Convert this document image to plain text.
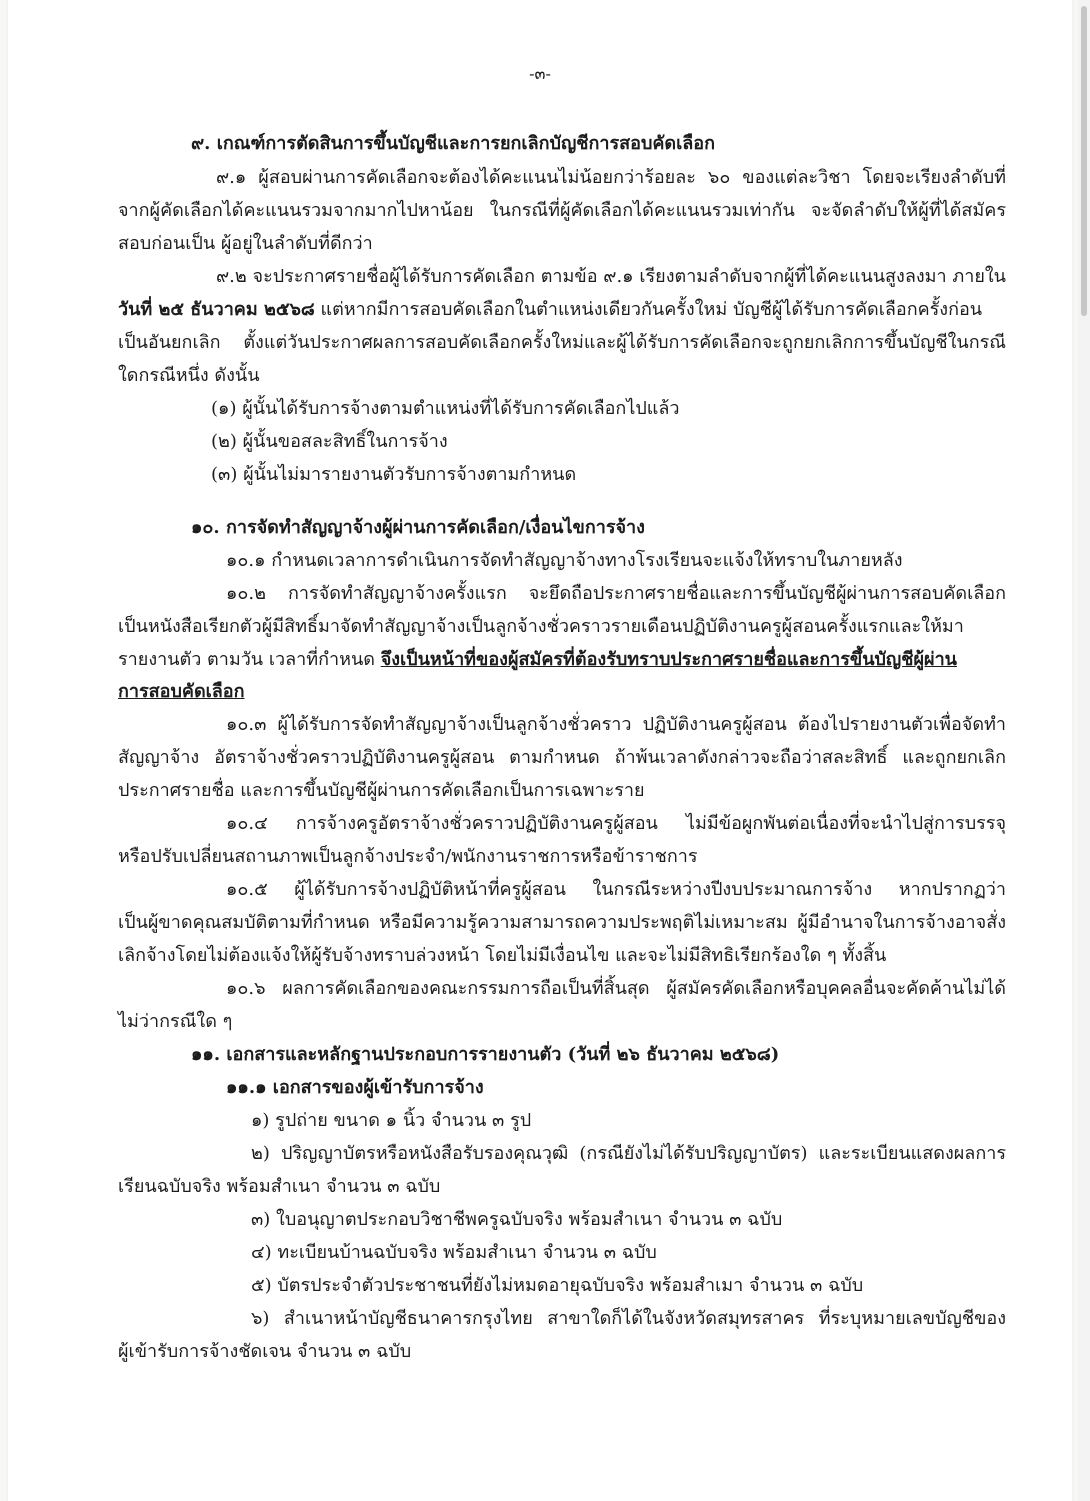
-๓-
๙. เกณฑ์การตัดสินการขึ้นบัญชีและการยกเลิกบัญชีการสอบคัดเลือก
๙.๑ ผู้สอบผ่านการคัดเลือกจะต้องได้คะแนนไม่น้อยกว่าร้อยละ ๖๐ ของแต่ละวิชา โดยจะเรียงลำดับที่
จากผู้คัดเลือกได้คะแนนรวมจากมากไปหาน้อย ในกรณีที่ผู้คัดเลือกได้คะแนนรวมเท่ากัน จะจัดลำดับให้ผู้ที่ได้สมัคร
สอบก่อนเป็น ผู้อยู่ในลำดับที่ดีกว่า
๙.๒ จะประกาศรายชื่อผู้ได้รับการคัดเลือก ตามข้อ ๙.๑ เรียงตามลำดับจากผู้ที่ได้คะแนนสูงลงมา ภายใน
วันที่ ๒๕ ธันวาคม ๒๕๖๘ แต่หากมีการสอบคัดเลือกในตำแหน่งเดียวกันครั้งใหม่ บัญชีผู้ได้รับการคัดเลือกครั้งก่อน
เป็นอันยกเลิก ตั้งแต่วันประกาศผลการสอบคัดเลือกครั้งใหม่และผู้ได้รับการคัดเลือกจะถูกยกเลิกการขึ้นบัญชีในกรณี
ใดกรณีหนึ่ง ดังนั้น
(๑) ผู้นั้นได้รับการจ้างตามตำแหน่งที่ได้รับการคัดเลือกไปแล้ว
(๒) ผู้นั้นขอสละสิทธิ์ในการจ้าง
(๓) ผู้นั้นไม่มารายงานตัวรับการจ้างตามกำหนด
๑๐. การจัดทำสัญญาจ้างผู้ผ่านการคัดเลือก/เงื่อนไขการจ้าง
๑๐.๑ กำหนดเวลาการดำเนินการจัดทำสัญญาจ้างทางโรงเรียนจะแจ้งให้ทราบในภายหลัง
๑๐.๒ การจัดทำสัญญาจ้างครั้งแรก จะยึดถือประกาศรายชื่อและการขึ้นบัญชีผู้ผ่านการสอบคัดเลือก
เป็นหนังสือเรียกตัวผู้มีสิทธิ์มาจัดทำสัญญาจ้างเป็นลูกจ้างชั่วคราวรายเดือนปฏิบัติงานครูผู้สอนครั้งแรกและให้มา
รายงานตัว ตามวัน เวลาที่กำหนด จึงเป็นหน้าที่ของผู้สมัครที่ต้องรับทราบประกาศรายชื่อและการขึ้นบัญชีผู้ผ่าน
การสอบคัดเลือก
๑๐.๓ ผู้ได้รับการจัดทำสัญญาจ้างเป็นลูกจ้างชั่วคราว ปฏิบัติงานครูผู้สอน ต้องไปรายงานตัวเพื่อจัดทำ
สัญญาจ้าง อัตราจ้างชั่วคราวปฏิบัติงานครูผู้สอน ตามกำหนด ถ้าพ้นเวลาดังกล่าวจะถือว่าสละสิทธิ์ และถูกยกเลิก
ประกาศรายชื่อ และการขึ้นบัญชีผู้ผ่านการคัดเลือกเป็นการเฉพาะราย
๑๐.๔ การจ้างครูอัตราจ้างชั่วคราวปฏิบัติงานครูผู้สอน ไม่มีข้อผูกพันต่อเนื่องที่จะนำไปสู่การบรรจุ
หรือปรับเปลี่ยนสถานภาพเป็นลูกจ้างประจำ/พนักงานราชการหรือข้าราชการ
๑๐.๕ ผู้ได้รับการจ้างปฏิบัติหน้าที่ครูผู้สอน ในกรณีระหว่างปีงบประมาณการจ้าง หากปรากฏว่า
เป็นผู้ขาดคุณสมบัติตามที่กำหนด หรือมีความรู้ความสามารถความประพฤติไม่เหมาะสม ผู้มีอำนาจในการจ้างอาจสั่ง
เลิกจ้างโดยไม่ต้องแจ้งให้ผู้รับจ้างทราบล่วงหน้า โดยไม่มีเงื่อนไข และจะไม่มีสิทธิเรียกร้องใด ๆ ทั้งสิ้น
๑๐.๖ ผลการคัดเลือกของคณะกรรมการถือเป็นที่สิ้นสุด ผู้สมัครคัดเลือกหรือบุคคลอื่นจะคัดค้านไม่ได้
ไม่ว่ากรณีใด ๆ
๑๑. เอกสารและหลักฐานประกอบการรายงานตัว (วันที่ ๒๖ ธันวาคม ๒๕๖๘)
๑๑.๑ เอกสารของผู้เข้ารับการจ้าง
๑) รูปถ่าย ขนาด ๑ นิ้ว จำนวน ๓ รูป
๒) ปริญญาบัตรหรือหนังสือรับรองคุณวุฒิ (กรณียังไม่ได้รับปริญญาบัตร) และระเบียนแสดงผลการ
เรียนฉบับจริง พร้อมสำเนา จำนวน ๓ ฉบับ
๓) ใบอนุญาตประกอบวิชาชีพครูฉบับจริง พร้อมสำเนา จำนวน ๓ ฉบับ
๔) ทะเบียนบ้านฉบับจริง พร้อมสำเนา จำนวน ๓ ฉบับ
๕) บัตรประจำตัวประชาชนที่ยังไม่หมดอายุฉบับจริง พร้อมสำเมา จำนวน ๓ ฉบับ
๖) สำเนาหน้าบัญชีธนาคารกรุงไทย สาขาใดก็ได้ในจังหวัดสมุทรสาคร ที่ระบุหมายเลขบัญชีของ
ผู้เข้ารับการจ้างชัดเจน จำนวน ๓ ฉบับ
